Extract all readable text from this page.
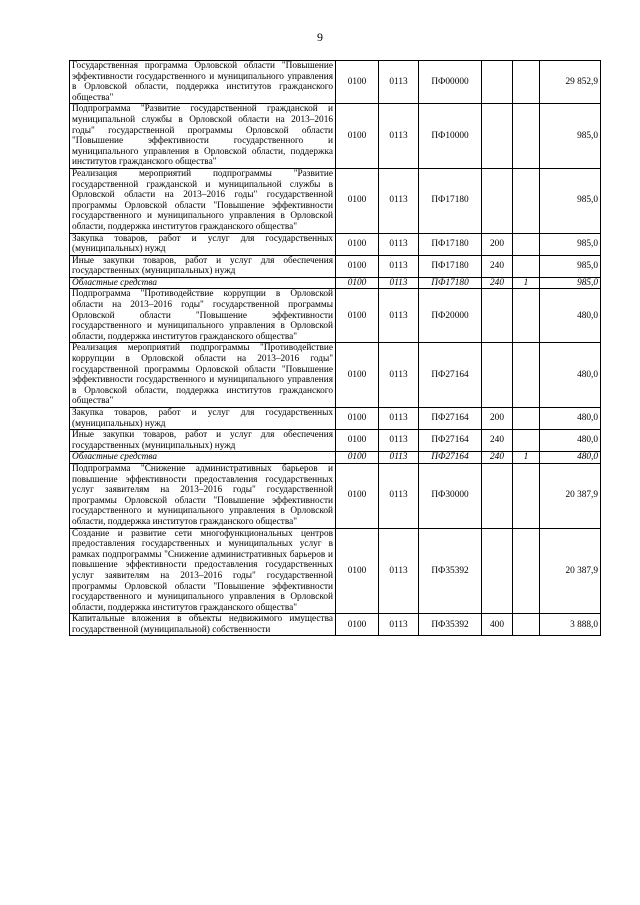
9
Государственная программа Орловской области "Повышение эффективности государственного и муниципального управления в Орловской области, поддержка институтов гражданского общества"	0100	0113	ПФ00000			29 852,9
Подпрограмма "Развитие государственной гражданской и муниципальной службы в Орловской области на 2013–2016 годы" государственной программы Орловской области "Повышение эффективности государственного и муниципального управления в Орловской области, поддержка институтов гражданского общества"	0100	0113	ПФ10000			985,0
Реализация мероприятий подпрограммы "Развитие государственной гражданской и муниципальной службы в Орловской области на 2013–2016 годы" государственной программы Орловской области "Повышение эффективности государственного и муниципального управления в Орловской области, поддержка институтов гражданского общества"	0100	0113	ПФ17180			985,0
Закупка товаров, работ и услуг для государственных (муниципальных) нужд	0100	0113	ПФ17180	200		985,0
Иные закупки товаров, работ и услуг для обеспечения государственных (муниципальных) нужд	0100	0113	ПФ17180	240		985,0
Областные средства	0100	0113	ПФ17180	240	1	985,0
Подпрограмма "Противодействие коррупции в Орловской области на 2013–2016 годы" государственной программы Орловской области "Повышение эффективности государственного и муниципального управления в Орловской области, поддержка институтов гражданского общества"	0100	0113	ПФ20000			480,0
Реализация мероприятий подпрограммы "Противодействие коррупции в Орловской области на 2013–2016 годы" государственной программы Орловской области "Повышение эффективности государственного и муниципального управления в Орловской области, поддержка институтов гражданского общества"	0100	0113	ПФ27164			480,0
Закупка товаров, работ и услуг для государственных (муниципальных) нужд	0100	0113	ПФ27164	200		480,0
Иные закупки товаров, работ и услуг для обеспечения государственных (муниципальных) нужд	0100	0113	ПФ27164	240		480,0
Областные средства	0100	0113	ПФ27164	240	1	480,0
Подпрограмма "Снижение административных барьеров и повышение эффективности предоставления государственных услуг заявителям на 2013–2016 годы" государственной программы Орловской области "Повышение эффективности государственного и муниципального управления в Орловской области, поддержка институтов гражданского общества"	0100	0113	ПФ30000			20 387,9
Создание и развитие сети многофункциональных центров предоставления государственных и муниципальных услуг в рамках подпрограммы "Снижение административных барьеров и повышение эффективности предоставления государственных услуг заявителям на 2013–2016 годы" государственной программы Орловской области "Повышение эффективности государственного и муниципального управления в Орловской области, поддержка институтов гражданского общества"	0100	0113	ПФ35392			20 387,9
Капитальные вложения в объекты недвижимого имущества государственной (муниципальной) собственности	0100	0113	ПФ35392	400		3 888,0
